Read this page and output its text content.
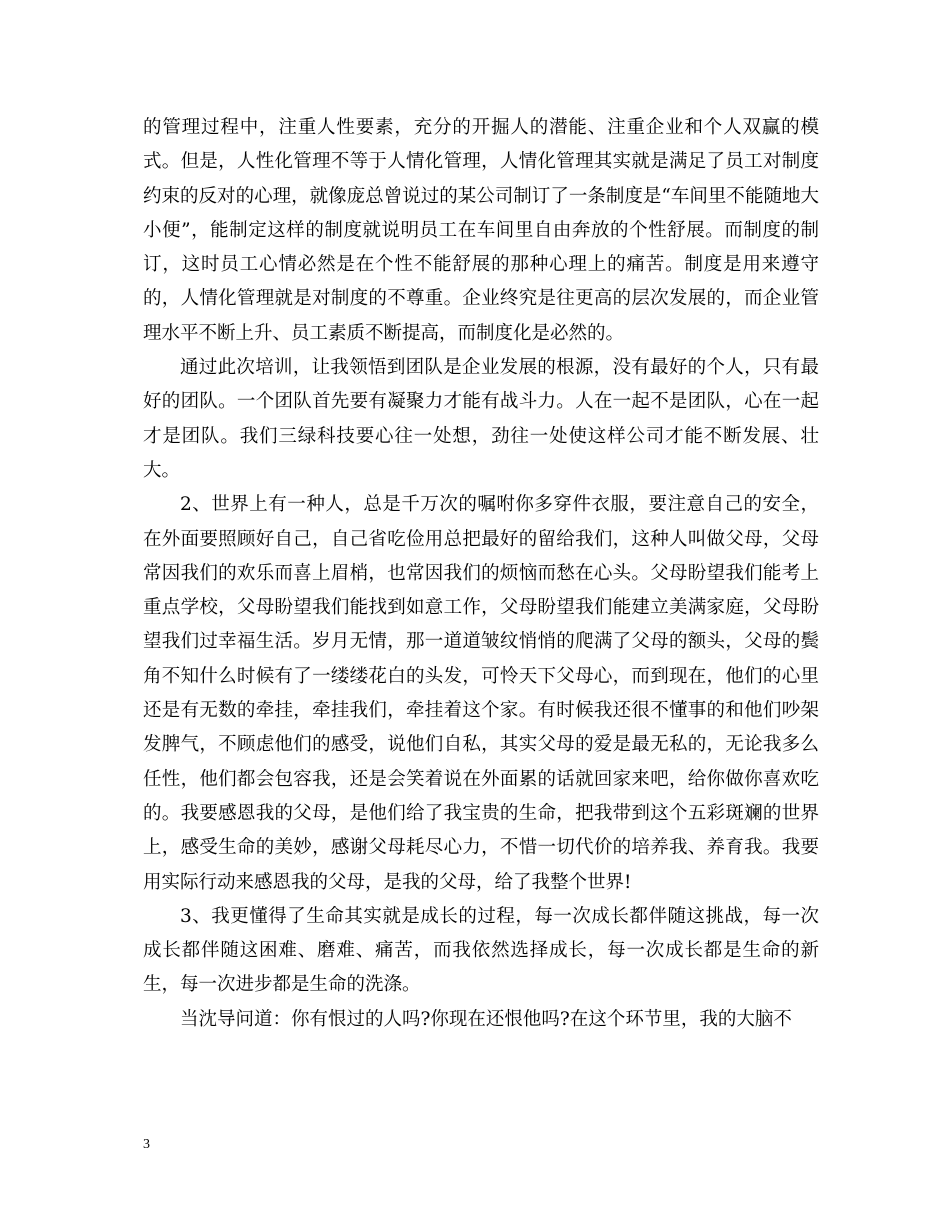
的管理过程中，注重人性要素，充分的开掘人的潜能、注重企业和个人双赢的模式。但是，人性化管理不等于人情化管理，人情化管理其实就是满足了员工对制度约束的反对的心理，就像庞总曾说过的某公司制订了一条制度是“车间里不能随地大小便”，能制定这样的制度就说明员工在车间里自由奔放的个性舒展。而制度的制订，这时员工心情必然是在个性不能舒展的那种心理上的痛苦。制度是用来遵守的，人情化管理就是对制度的不尊重。企业终究是往更高的层次发展的，而企业管理水平不断上升、员工素质不断提高，而制度化是必然的。

通过此次培训，让我领悟到团队是企业发展的根源，没有最好的个人，只有最好的团队。一个团队首先要有凝聚力才能有战斗力。人在一起不是团队，心在一起才是团队。我们三绿科技要心往一处想，劲往一处使这样公司才能不断发展、壮大。

2、世界上有一种人，总是千万次的嘱咐你多穿件衣服，要注意自己的安全，在外面要照顾好自己，自己省吃俭用总把最好的留给我们，这种人叫做父母，父母常因我们的欢乐而喜上眉梢，也常因我们的烦恼而愁在心头。父母盼望我们能考上重点学校，父母盼望我们能找到如意工作，父母盼望我们能建立美满家庭，父母盼望我们过幸福生活。岁月无情，那一道道皱纹悄悄的爬满了父母的额头，父母的鬓角不知什么时候有了一缕缕花白的头发，可怜天下父母心，而到现在，他们的心里还是有无数的牵挂，牵挂我们，牵挂着这个家。有时候我还很不懂事的和他们吵架发脾气，不顾虑他们的感受，说他们自私，其实父母的爱是最无私的，无论我多么任性，他们都会包容我，还是会笑着说在外面累的话就回家来吧，给你做你喜欢吃的。我要感恩我的父母，是他们给了我宝贵的生命，把我带到这个五彩斑斓的世界上，感受生命的美妙，感谢父母耗尽心力，不惜一切代价的培养我、养育我。我要用实际行动来感恩我的父母，是我的父母，给了我整个世界!

3、我更懂得了生命其实就是成长的过程，每一次成长都伴随这挑战，每一次成长都伴随这困难、磨难、痛苦，而我依然选择成长，每一次成长都是生命的新生，每一次进步都是生命的洗涤。

当沈导问道：你有恨过的人吗?你现在还恨他吗?在这个环节里，我的大脑不

3
